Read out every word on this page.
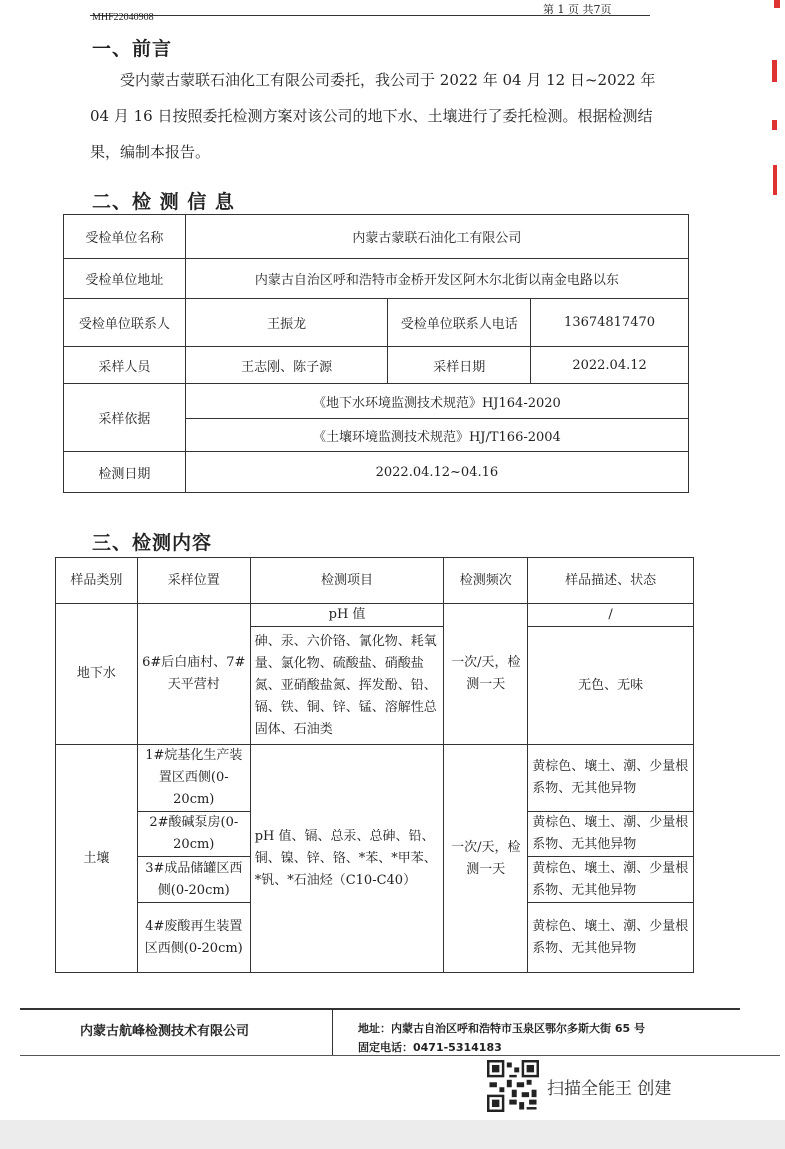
第 1 页 共7页
MHF22040908
一、前言
受内蒙古蒙联石油化工有限公司委托，我公司于 2022 年 04 月 12 日~2022 年 04 月 16 日按照委托检测方案对该公司的地下水、土壤进行了委托检测。根据检测结果，编制本报告。
二、检 测 信 息
受检单位名称	内蒙古蒙联石油化工有限公司		
受检单位地址	内蒙古自治区呼和浩特市金桥开发区阿木尔北街以南金电路以东		
受检单位联系人	王振龙	受检单位联系人电话	13674817470
采样人员	王志刚、陈子源	采样日期	2022.04.12
采样依据	《地下水环境监测技术规范》HJ164-2020		
	《土壤环境监测技术规范》HJ/T166-2004		
检测日期	2022.04.12~04.16		
三、检测内容
样品类别	采样位置	检测项目	检测频次	样品描述、状态
地下水	6#后白庙村、7#天平营村	pH 值	一次/天，检测一天	/
		砷、汞、六价铬、氰化物、耗氧量、氯化物、硫酸盐、硝酸盐氮、亚硝酸盐氮、挥发酚、铅、镉、铁、铜、锌、锰、溶解性总固体、石油类		无色、无味
土壤	1#烷基化生产装置区西侧(0-20cm)	pH 值、镉、总汞、总砷、铅、铜、镍、锌、铬、*苯、*甲苯、*钒、*石油烃（C10-C40）	一次/天，检测一天	黄棕色、壤土、潮、少量根系物、无其他异物
	2#酸碱泵房(0-20cm)			黄棕色、壤土、潮、少量根系物、无其他异物
	3#成品储罐区西侧(0-20cm)			黄棕色、壤土、潮、少量根系物、无其他异物
	4#废酸再生装置区西侧(0-20cm)			黄棕色、壤土、潮、少量根系物、无其他异物
内蒙古航峰检测技术有限公司	地址：内蒙古自治区呼和浩特市玉泉区鄂尔多斯大街 65 号
固定电话：0471-5314183
扫描全能王 创建
